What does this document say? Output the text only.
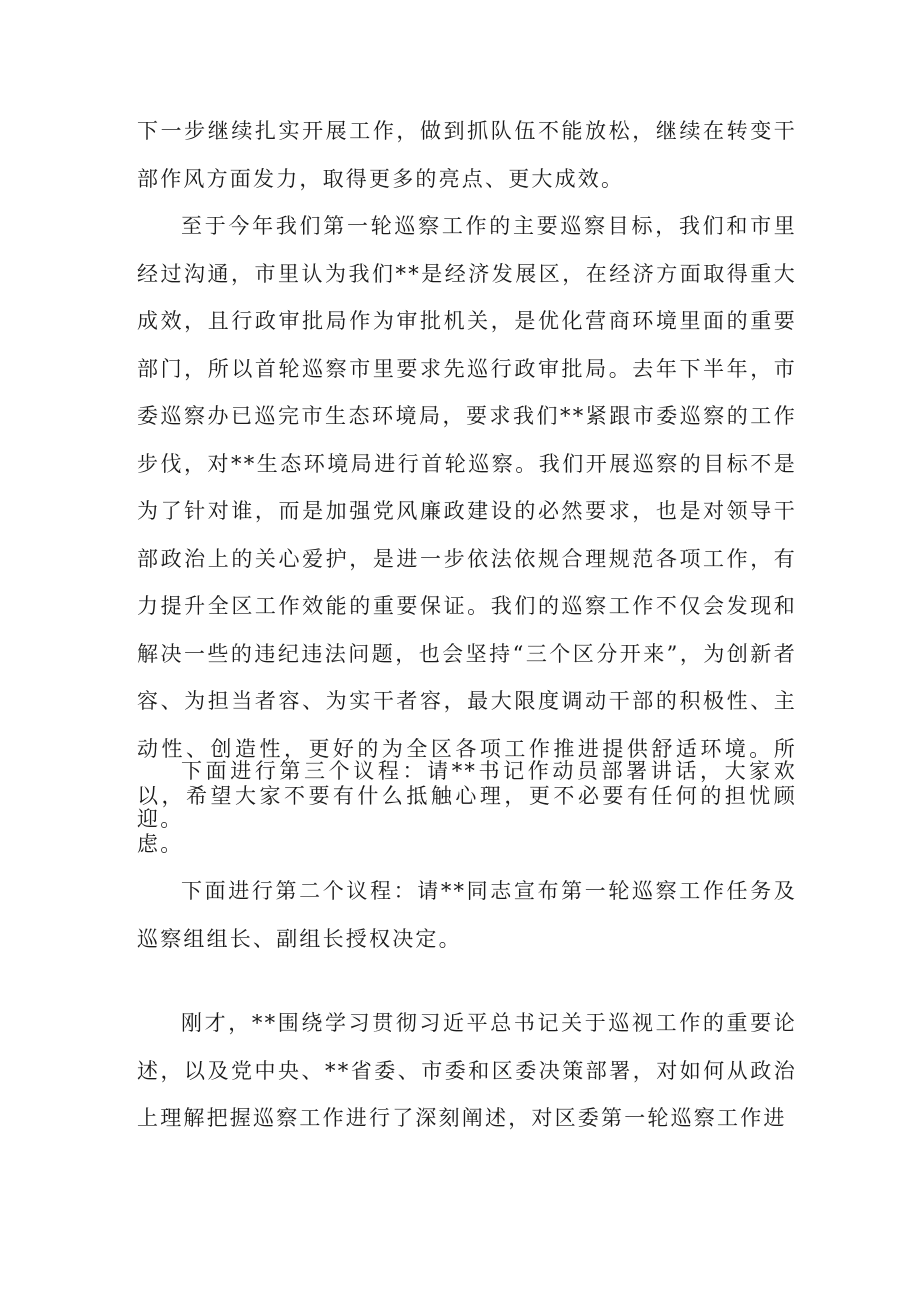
下一步继续扎实开展工作，做到抓队伍不能放松，继续在转变干部作风方面发力，取得更多的亮点、更大成效。

至于今年我们第一轮巡察工作的主要巡察目标，我们和市里经过沟通，市里认为我们**是经济发展区，在经济方面取得重大成效，且行政审批局作为审批机关，是优化营商环境里面的重要部门，所以首轮巡察市里要求先巡行政审批局。去年下半年，市委巡察办已巡完市生态环境局，要求我们**紧跟市委巡察的工作步伐，对**生态环境局进行首轮巡察。我们开展巡察的目标不是为了针对谁，而是加强党风廉政建设的必然要求，也是对领导干部政治上的关心爱护，是进一步依法依规合理规范各项工作，有力提升全区工作效能的重要保证。我们的巡察工作不仅会发现和解决一些的违纪违法问题，也会坚持“三个区分开来”，为创新者容、为担当者容、为实干者容，最大限度调动干部的积极性、主动性、创造性，更好的为全区各项工作推进提供舒适环境。所以，希望大家不要有什么抵触心理，更不必要有任何的担忧顾虑。

下面进行第二个议程：请**同志宣布第一轮巡察工作任务及巡察组组长、副组长授权决定。

下面进行第三个议程：请**书记作动员部署讲话，大家欢迎。

刚才，**围绕学习贯彻习近平总书记关于巡视工作的重要论述，以及党中央、**省委、市委和区委决策部署，对如何从政治上理解把握巡察工作进行了深刻阐述，对区委第一轮巡察工作进
